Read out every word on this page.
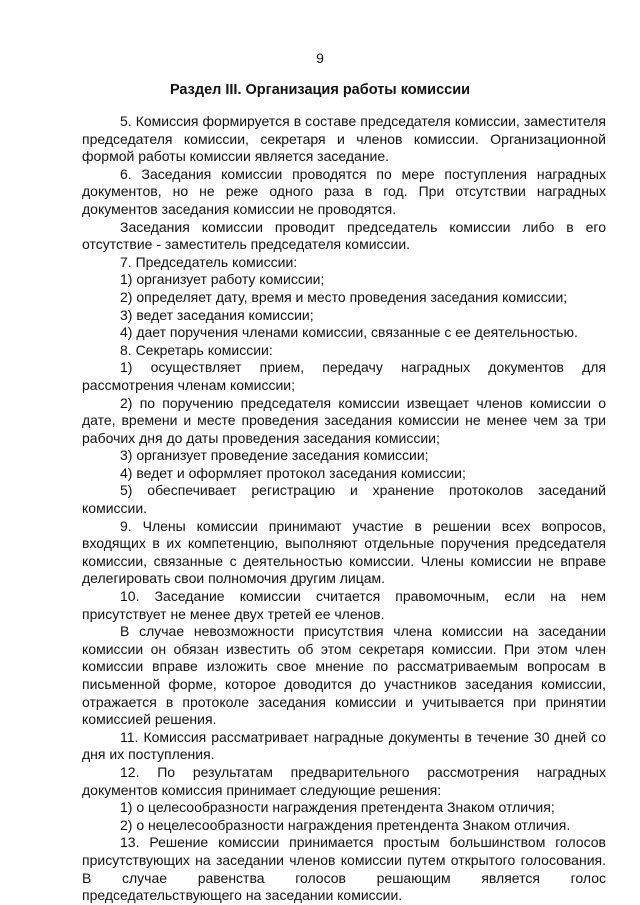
9
Раздел III. Организация работы комиссии

5. Комиссия формируется в составе председателя комиссии, заместителя председателя комиссии, секретаря и членов комиссии. Организационной формой работы комиссии является заседание.

6. Заседания комиссии проводятся по мере поступления наградных документов, но не реже одного раза в год. При отсутствии наградных документов заседания комиссии не проводятся.

Заседания комиссии проводит председатель комиссии либо в его отсутствие - заместитель председателя комиссии.

7. Председатель комиссии:

1) организует работу комиссии;

2) определяет дату, время и место проведения заседания комиссии;

3) ведет заседания комиссии;

4) дает поручения членами комиссии, связанные с ее деятельностью.

8. Секретарь комиссии:

1) осуществляет прием, передачу наградных документов для рассмотрения членам комиссии;

2) по поручению председателя комиссии извещает членов комиссии о дате, времени и месте проведения заседания комиссии не менее чем за три рабочих дня до даты проведения заседания комиссии;

3) организует проведение заседания комиссии;

4) ведет и оформляет протокол заседания комиссии;

5) обеспечивает регистрацию и хранение протоколов заседаний комиссии.

9. Члены комиссии принимают участие в решении всех вопросов, входящих в их компетенцию, выполняют отдельные поручения председателя комиссии, связанные с деятельностью комиссии. Члены комиссии не вправе делегировать свои полномочия другим лицам.

10. Заседание комиссии считается правомочным, если на нем присутствует не менее двух третей ее членов.

В случае невозможности присутствия члена комиссии на заседании комиссии он обязан известить об этом секретаря комиссии. При этом член комиссии вправе изложить свое мнение по рассматриваемым вопросам в письменной форме, которое доводится до участников заседания комиссии, отражается в протоколе заседания комиссии и учитывается при принятии комиссией решения.

11. Комиссия рассматривает наградные документы в течение 30 дней со дня их поступления.

12. По результатам предварительного рассмотрения наградных документов комиссия принимает следующие решения:

1) о целесообразности награждения претендента Знаком отличия;

2) о нецелесообразности награждения претендента Знаком отличия.

13. Решение комиссии принимается простым большинством голосов присутствующих на заседании членов комиссии путем открытого голосования. В случае равенства голосов решающим является голос председательствующего на заседании комиссии.
